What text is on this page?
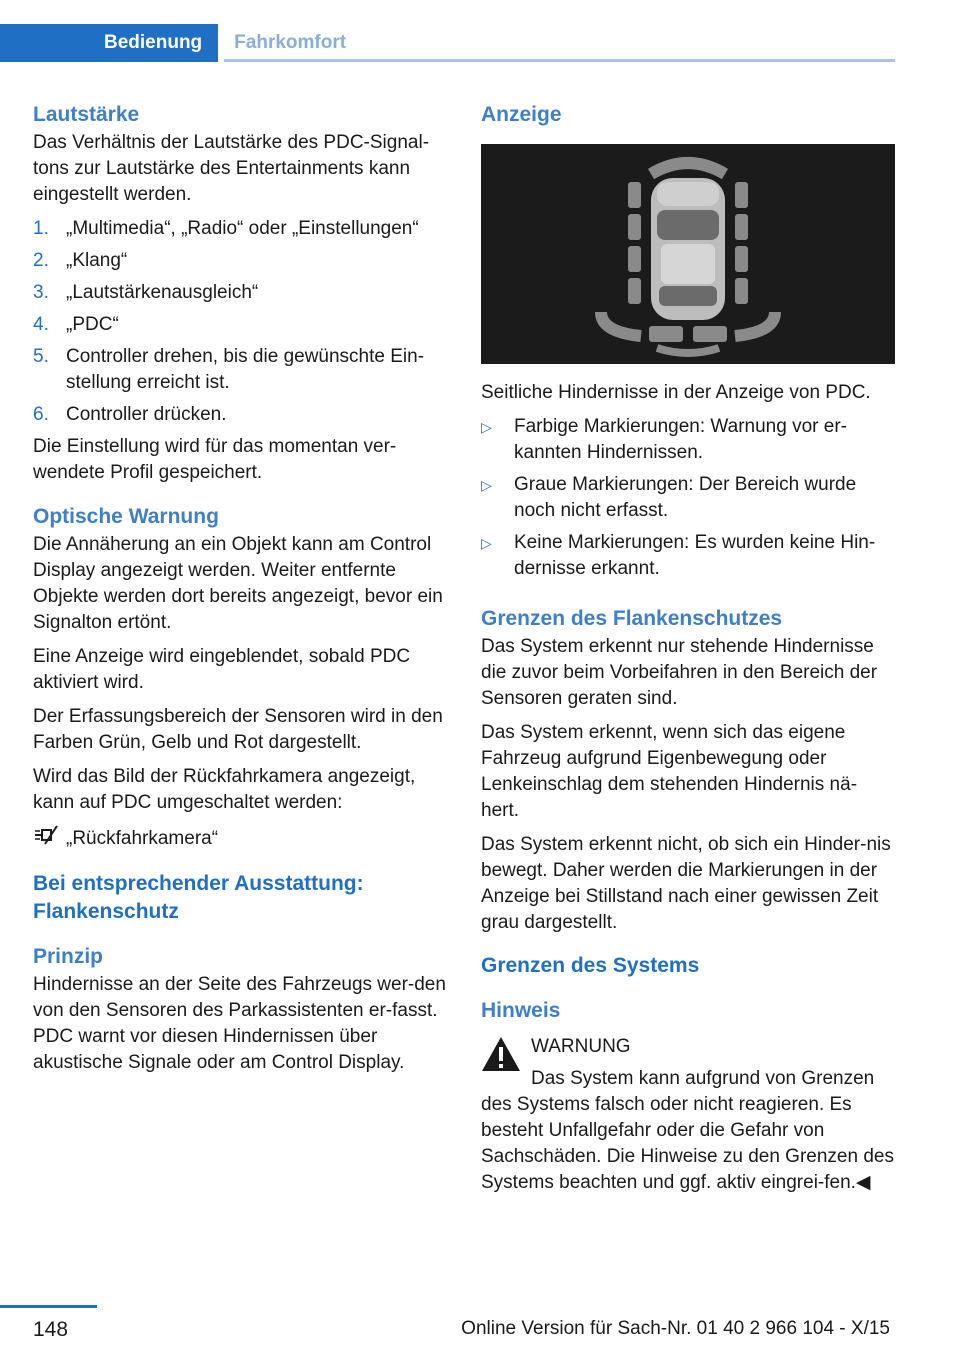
Bedienung	Fahrkomfort
Lautstärke

Das Verhältnis der Lautstärke des PDC-Signal-tons zur Lautstärke des Entertainments kann eingestellt werden.

1. „Multimedia“, „Radio“ oder „Einstellungen“
2. „Klang“
3. „Lautstärkenausgleich“
4. „PDC“
5. Controller drehen, bis die gewünschte Ein-stellung erreicht ist.
6. Controller drücken.

Die Einstellung wird für das momentan ver-wendete Profil gespeichert.

Optische Warnung

Die Annäherung an ein Objekt kann am Control Display angezeigt werden. Weiter entfernte Objekte werden dort bereits angezeigt, bevor ein Signalton ertönt.

Eine Anzeige wird eingeblendet, sobald PDC aktiviert wird.

Der Erfassungsbereich der Sensoren wird in den Farben Grün, Gelb und Rot dargestellt.

Wird das Bild der Rückfahrkamera angezeigt, kann auf PDC umgeschaltet werden:

„Rückfahrkamera“
Bei entsprechender Ausstattung: Flankenschutz
Prinzip

Hindernisse an der Seite des Fahrzeugs wer-den von den Sensoren des Parkassistenten er-fasst. PDC warnt vor diesen Hindernissen über akustische Signale oder am Control Display.

Anzeige

Seitliche Hindernisse in der Anzeige von PDC.

▷	Farbige Markierungen: Warnung vor er-kannten Hindernissen.
▷	Graue Markierungen: Der Bereich wurde noch nicht erfasst.
▷	Keine Markierungen: Es wurden keine Hin-dernisse erkannt.
Grenzen des Flankenschutzes

Das System erkennt nur stehende Hindernisse die zuvor beim Vorbeifahren in den Bereich der Sensoren geraten sind.

Das System erkennt, wenn sich das eigene Fahrzeug aufgrund Eigenbewegung oder Lenkeinschlag dem stehenden Hindernis nä-hert.

Das System erkennt nicht, ob sich ein Hinder-nis bewegt. Daher werden die Markierungen in der Anzeige bei Stillstand nach einer gewissen Zeit grau dargestellt.

Grenzen des Systems
Hinweis

WARNUNG

Das System kann aufgrund von Grenzen des Systems falsch oder nicht reagieren. Es besteht Unfallgefahr oder die Gefahr von Sachschäden. Die Hinweise zu den Grenzen des Systems beachten und ggf. aktiv eingrei-fen.◀

148	Online Version für Sach-Nr. 01 40 2 966 104 - X/15
